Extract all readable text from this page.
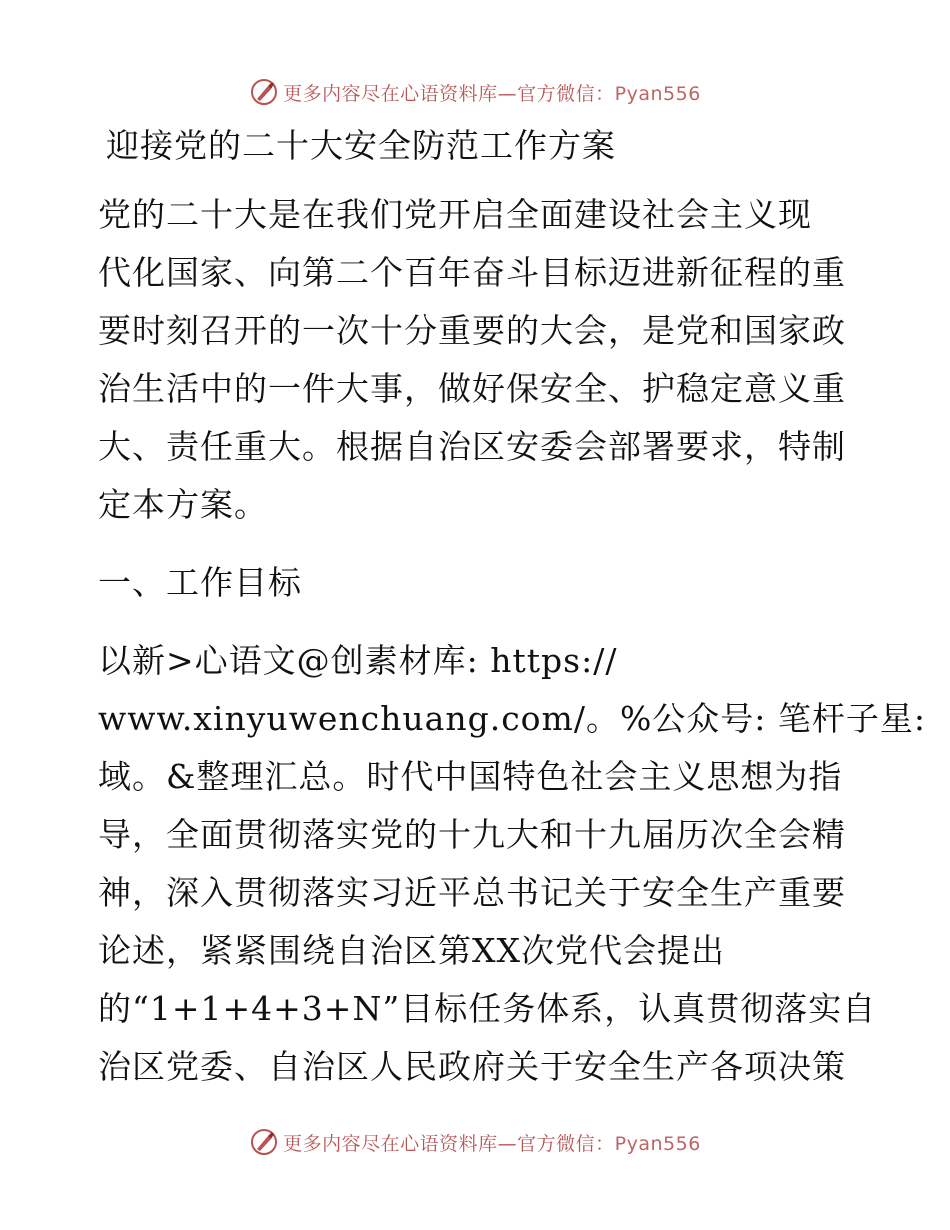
更多内容尽在心语资料库—官方微信：Pyan556
迎接党的二十大安全防范工作方案

党的二十大是在我们党开启全面建设社会主义现

代化国家、向第二个百年奋斗目标迈进新征程的重

要时刻召开的一次十分重要的大会，是党和国家政

治生活中的一件大事，做好保安全、护稳定意义重

大、责任重大。根据自治区安委会部署要求，特制

定本方案。

一、工作目标

以新>心语文@创素材库: https://

www.xinyuwenchuang.com/。%公众号: 笔杆子星:

域。&整理汇总。时代中国特色社会主义思想为指

导，全面贯彻落实党的十九大和十九届历次全会精

神，深入贯彻落实习近平总书记关于安全生产重要

论述，紧紧围绕自治区第XX次党代会提出

的“1+1+4+3+N”目标任务体系，认真贯彻落实自

治区党委、自治区人民政府关于安全生产各项决策

更多内容尽在心语资料库—官方微信：Pyan556
